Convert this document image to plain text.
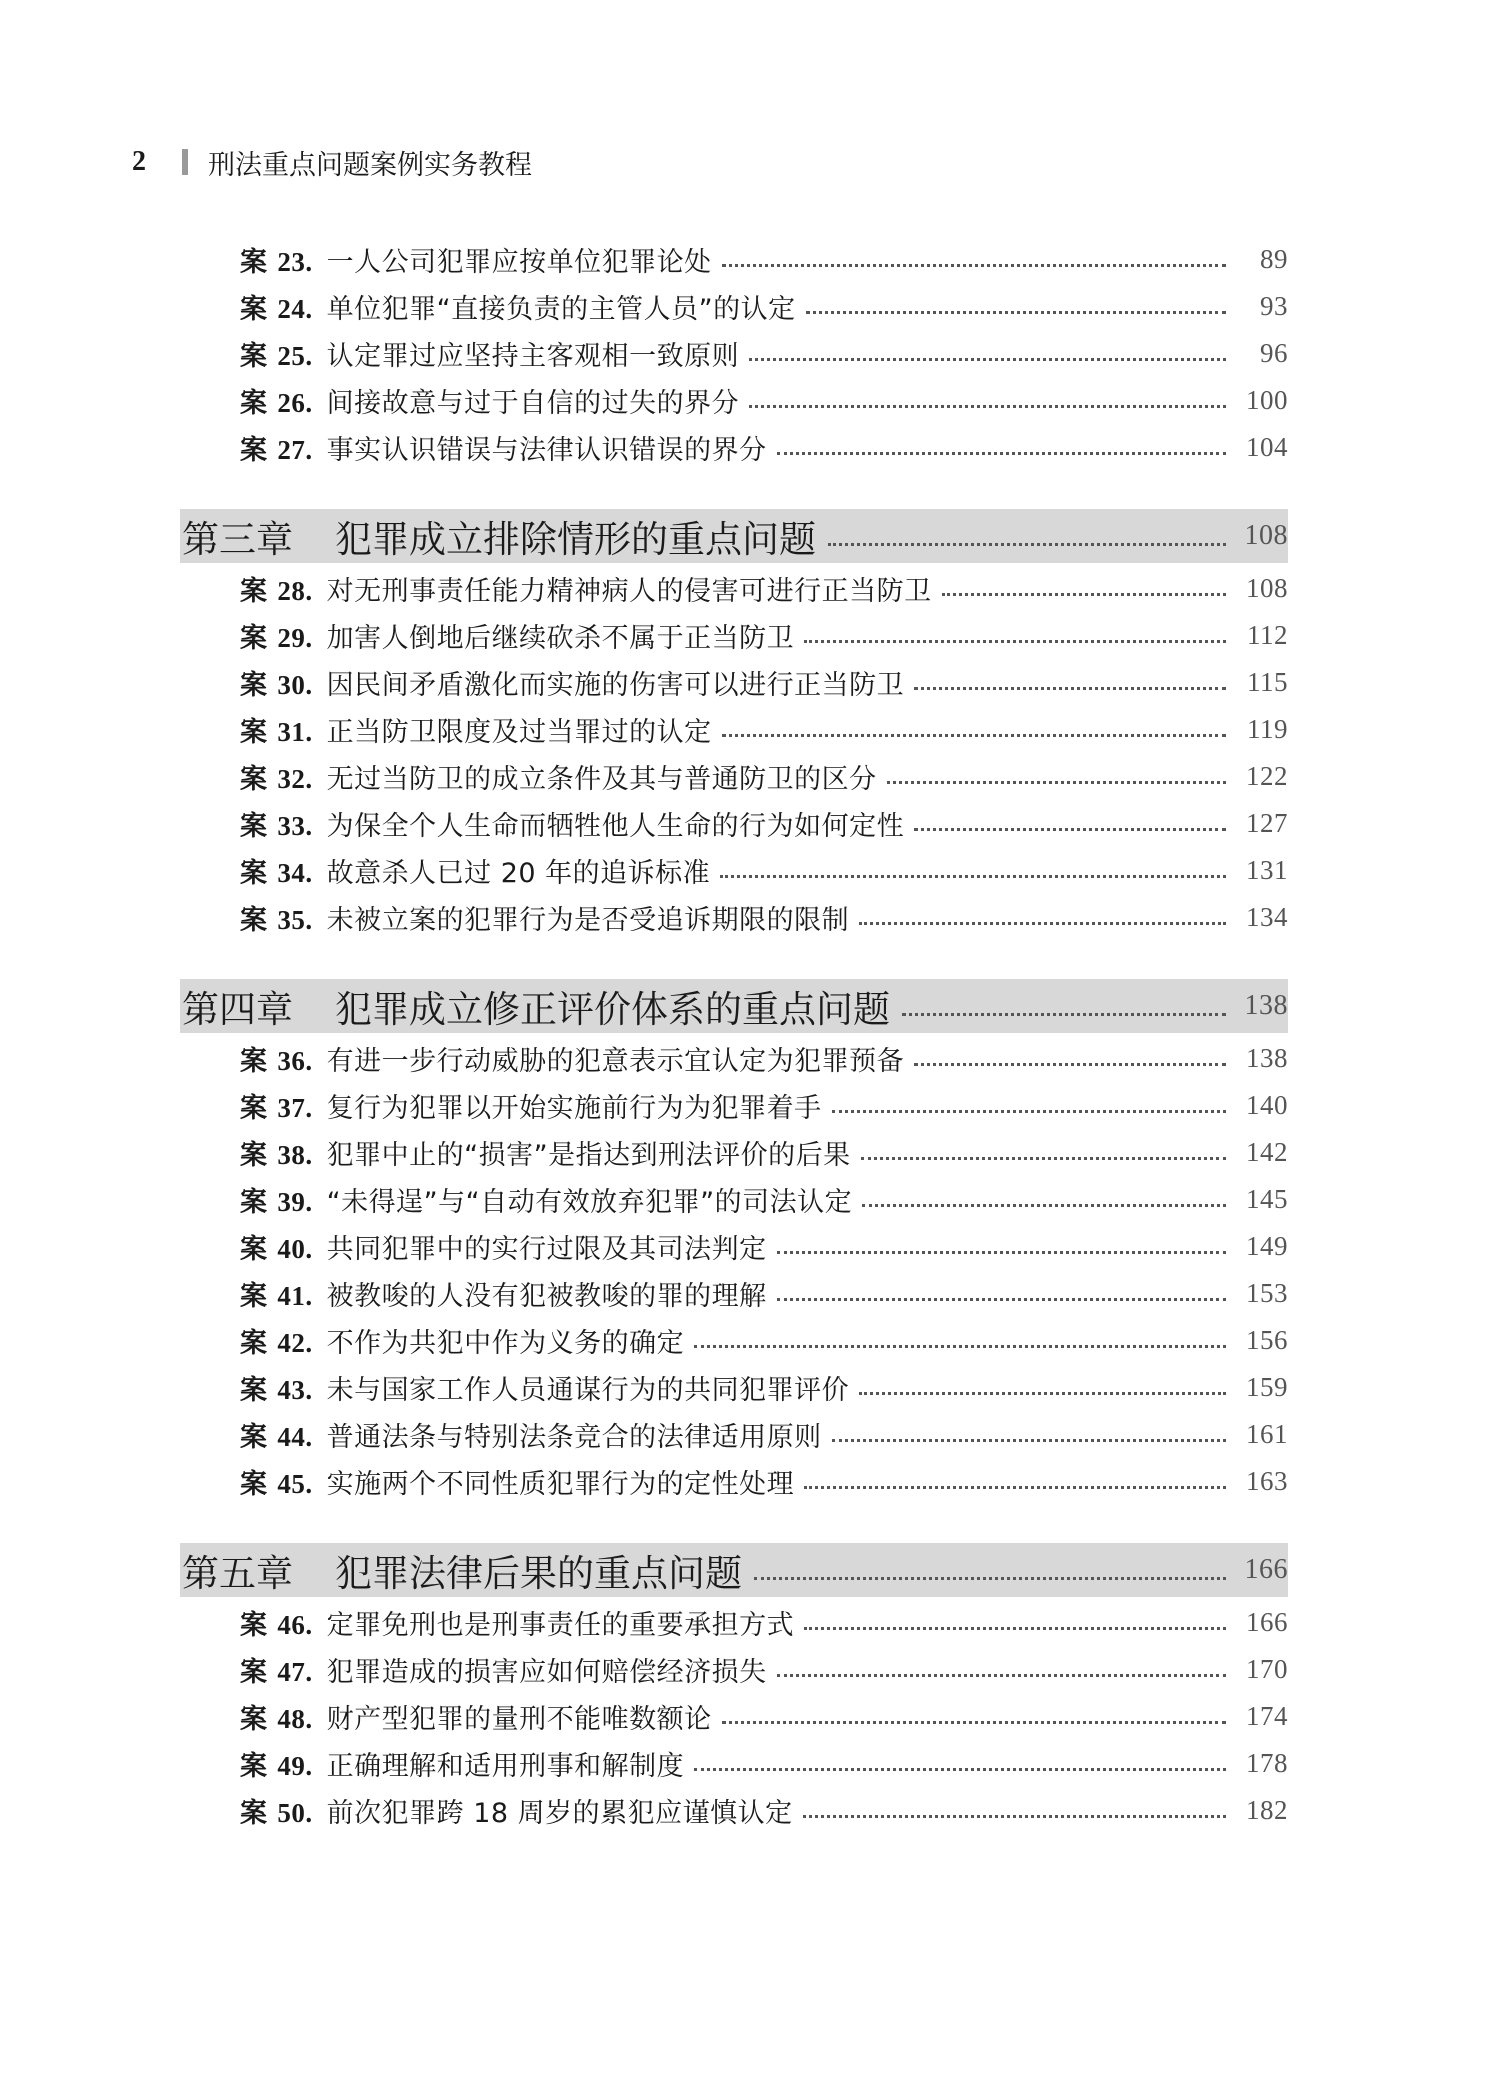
2 刑法重点问题案例实务教程
案 23. 一人公司犯罪应按单位犯罪论处	89
案 24. 单位犯罪“直接负责的主管人员”的认定	93
案 25. 认定罪过应坚持主客观相一致原则	96
案 26. 间接故意与过于自信的过失的界分	100
案 27. 事实认识错误与法律认识错误的界分	104
第三章 犯罪成立排除情形的重点问题	108
案 28. 对无刑事责任能力精神病人的侵害可进行正当防卫	108
案 29. 加害人倒地后继续砍杀不属于正当防卫	112
案 30. 因民间矛盾激化而实施的伤害可以进行正当防卫	115
案 31. 正当防卫限度及过当罪过的认定	119
案 32. 无过当防卫的成立条件及其与普通防卫的区分	122
案 33. 为保全个人生命而牺牲他人生命的行为如何定性	127
案 34. 故意杀人已过 20 年的追诉标准	131
案 35. 未被立案的犯罪行为是否受追诉期限的限制	134
第四章 犯罪成立修正评价体系的重点问题	138
案 36. 有进一步行动威胁的犯意表示宜认定为犯罪预备	138
案 37. 复行为犯罪以开始实施前行为为犯罪着手	140
案 38. 犯罪中止的“损害”是指达到刑法评价的后果	142
案 39. “未得逞”与“自动有效放弃犯罪”的司法认定	145
案 40. 共同犯罪中的实行过限及其司法判定	149
案 41. 被教唆的人没有犯被教唆的罪的理解	153
案 42. 不作为共犯中作为义务的确定	156
案 43. 未与国家工作人员通谋行为的共同犯罪评价	159
案 44. 普通法条与特别法条竞合的法律适用原则	161
案 45. 实施两个不同性质犯罪行为的定性处理	163
第五章 犯罪法律后果的重点问题	166
案 46. 定罪免刑也是刑事责任的重要承担方式	166
案 47. 犯罪造成的损害应如何赔偿经济损失	170
案 48. 财产型犯罪的量刑不能唯数额论	174
案 49. 正确理解和适用刑事和解制度	178
案 50. 前次犯罪跨 18 周岁的累犯应谨慎认定	182
